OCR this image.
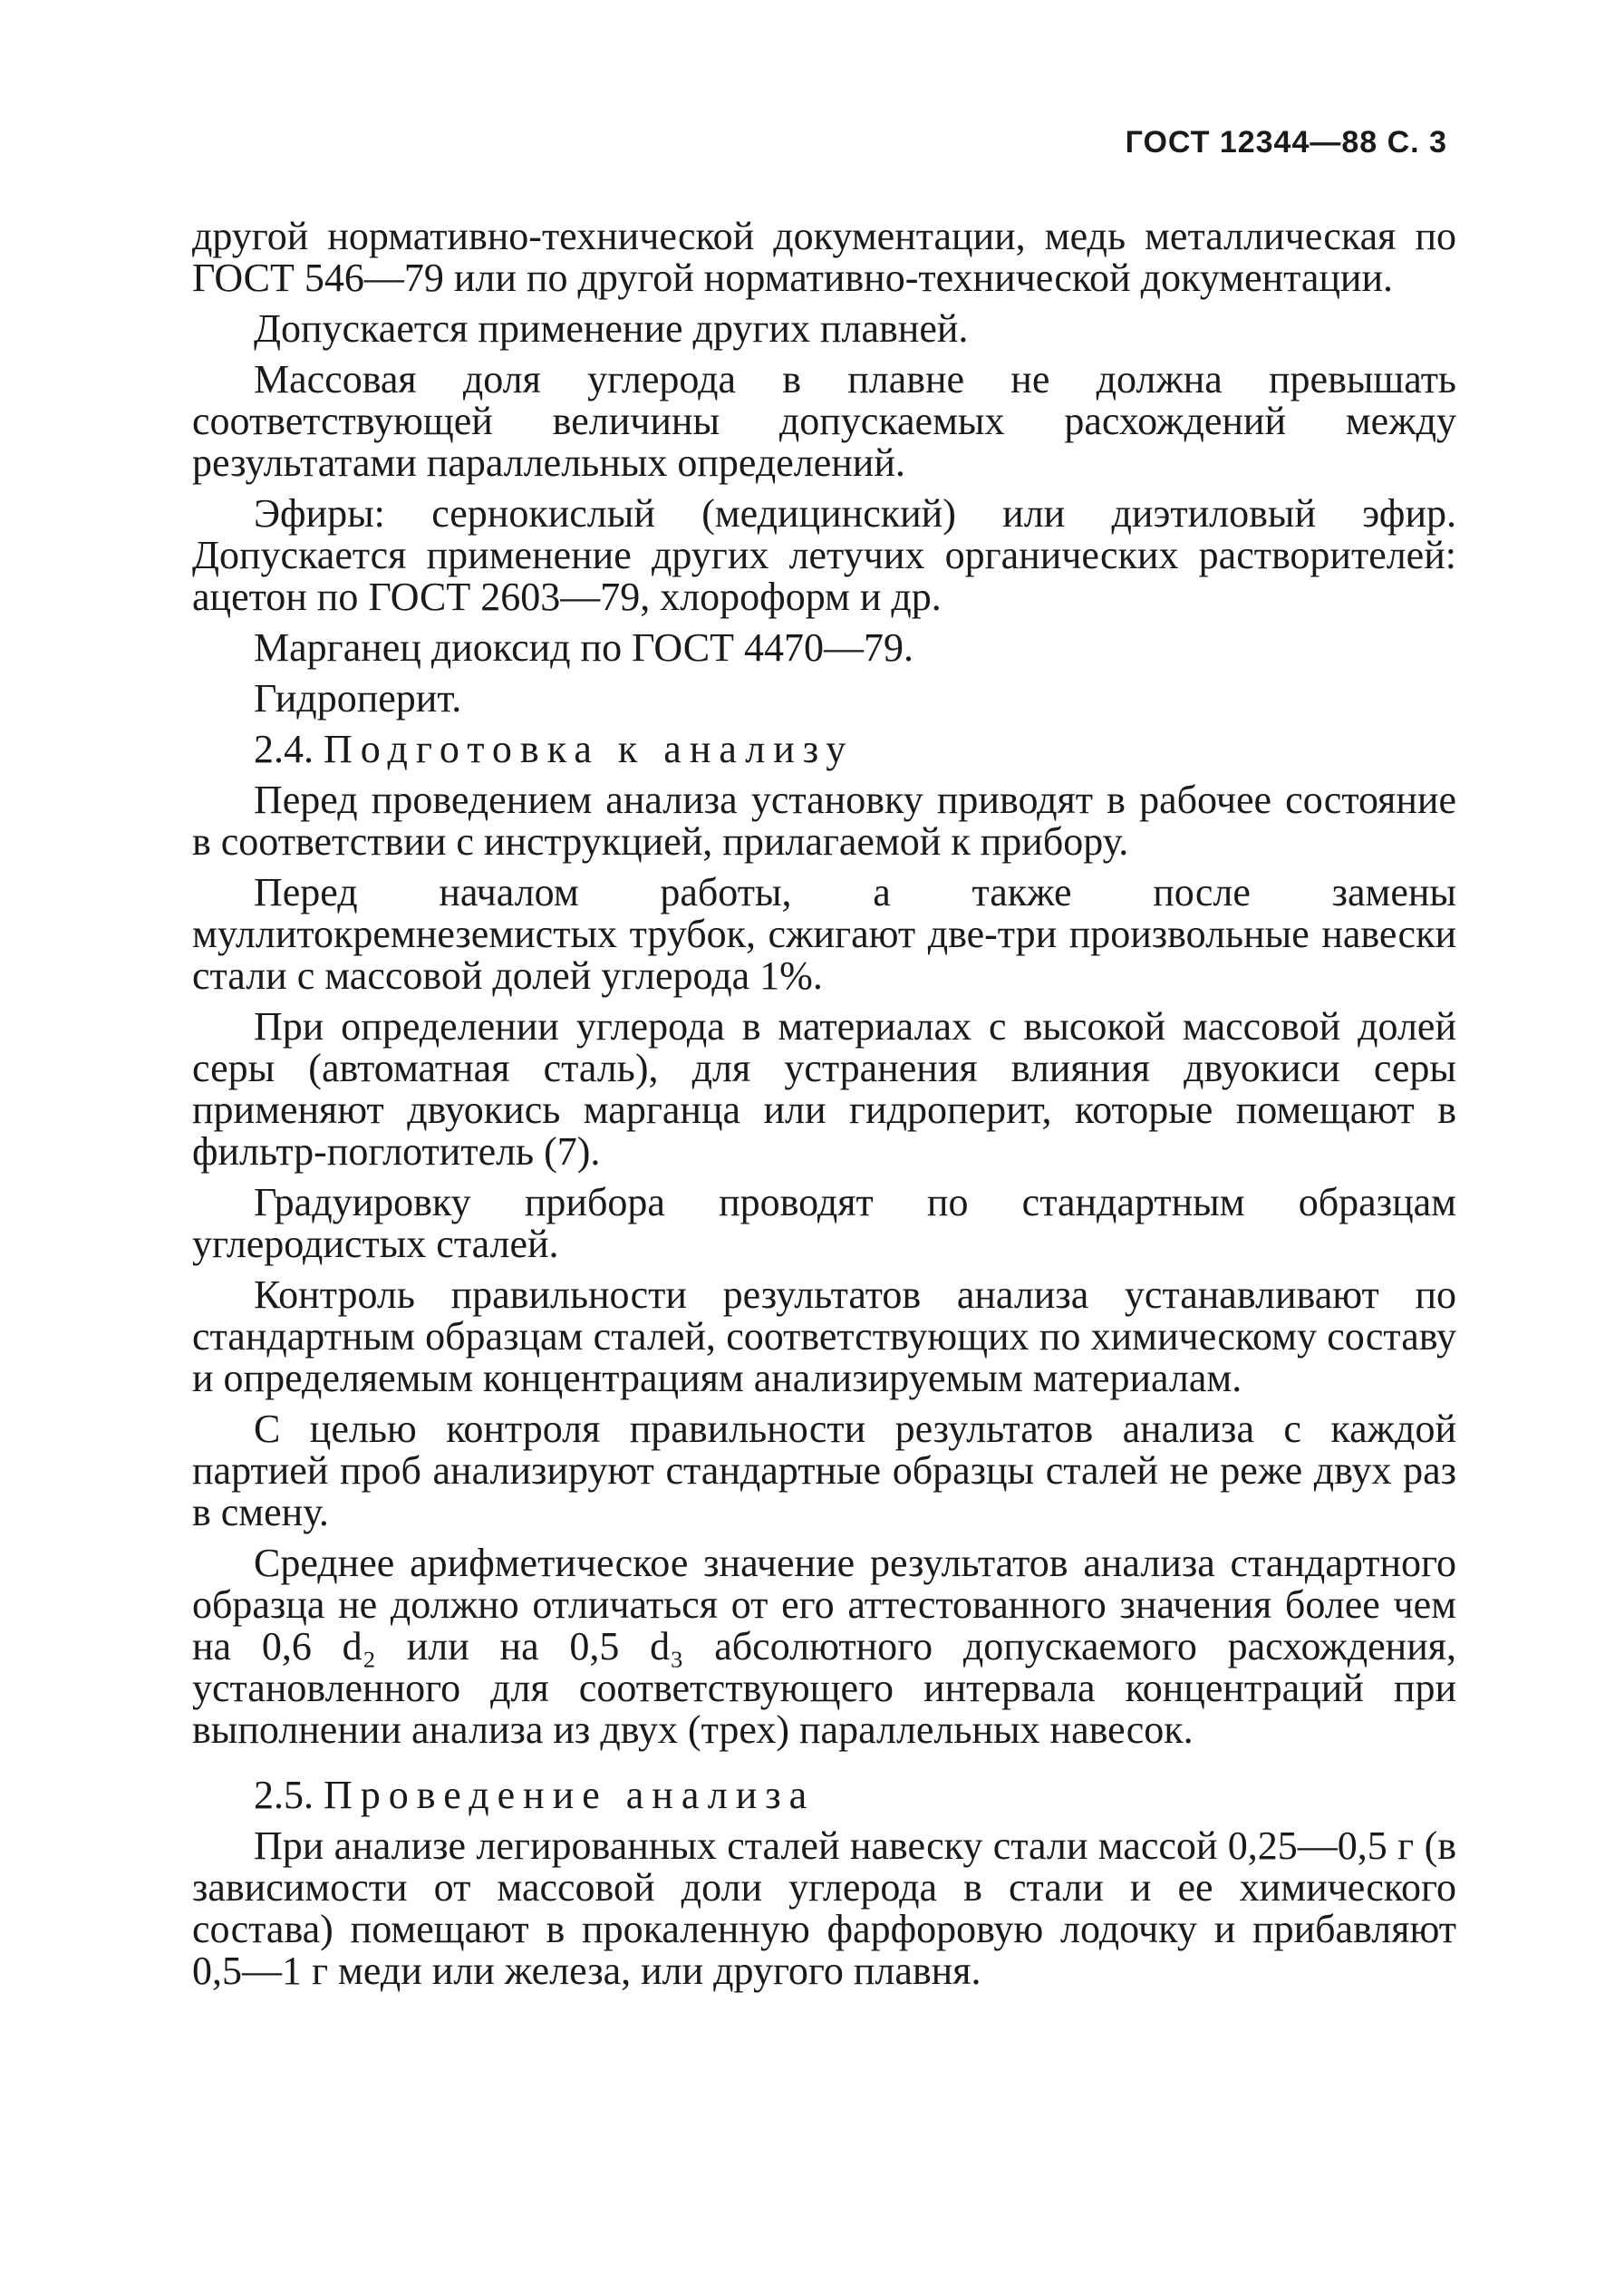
ГОСТ 12344—88 С. 3

другой нормативно-технической документации, медь металлическая по ГОСТ 546—79 или по другой нормативно-технической документации.

Допускается применение других плавней.

Массовая доля углерода в плавне не должна превышать соответствующей величины допускаемых расхождений между результатами параллельных определений.

Эфиры: сернокислый (медицинский) или диэтиловый эфир. Допускается применение других летучих органических растворителей: ацетон по ГОСТ 2603—79, хлороформ и др.

Марганец диоксид по ГОСТ 4470—79.

Гидроперит.

2.4. Подготовка к анализу

Перед проведением анализа установку приводят в рабочее состояние в соответствии с инструкцией, прилагаемой к прибору.

Перед началом работы, а также после замены муллитокремнеземистых трубок, сжигают две-три произвольные навески стали с массовой долей углерода 1%.

При определении углерода в материалах с высокой массовой долей серы (автоматная сталь), для устранения влияния двуокиси серы применяют двуокись марганца или гидроперит, которые помещают в фильтр-поглотитель (7).

Градуировку прибора проводят по стандартным образцам углеродистых сталей.

Контроль правильности результатов анализа устанавливают по стандартным образцам сталей, соответствующих по химическому составу и определяемым концентрациям анализируемым материалам.

С целью контроля правильности результатов анализа с каждой партией проб анализируют стандартные образцы сталей не реже двух раз в смену.

Среднее арифметическое значение результатов анализа стандартного образца не должно отличаться от его аттестованного значения более чем на 0,6 d₂ или на 0,5 d₃ абсолютного допускаемого расхождения, установленного для соответствующего интервала концентраций при выполнении анализа из двух (трех) параллельных навесок.

2.5. Проведение анализа

При анализе легированных сталей навеску стали массой 0,25—0,5 г (в зависимости от массовой доли углерода в стали и ее химического состава) помещают в прокаленную фарфоровую лодочку и прибавляют 0,5—1 г меди или железа, или другого плавня.
